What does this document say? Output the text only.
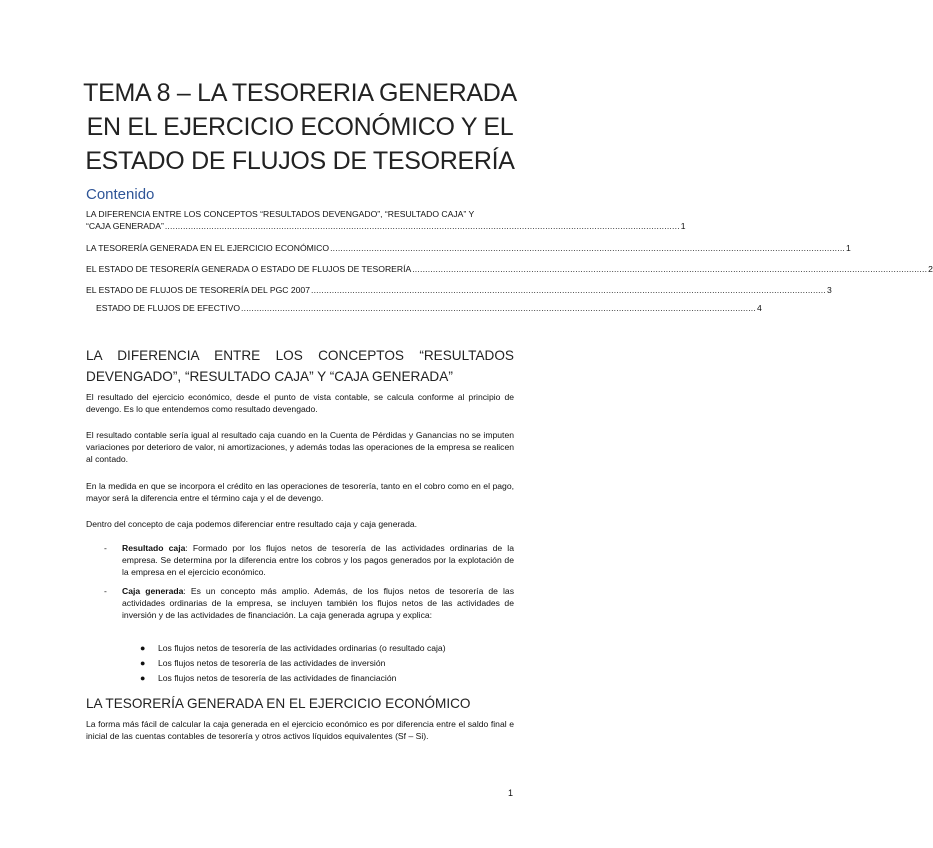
TEMA 8 – LA TESORERIA GENERADA
EN EL EJERCICIO ECONÓMICO Y EL
ESTADO DE FLUJOS DE TESORERÍA
Contenido
LA DIFERENCIA ENTRE LOS CONCEPTOS “RESULTADOS DEVENGADO”, “RESULTADO CAJA” Y
“CAJA GENERADA” ....................................................................................................................................................................................................... 1
LA TESORERÍA GENERADA EN EL EJERCICIO ECONÓMICO ....................................................................................................................................................................................................... 1
EL ESTADO DE TESORERÍA GENERADA O ESTADO DE FLUJOS DE TESORERÍA ....................................................................................................................................................................................................... 2
EL ESTADO DE FLUJOS DE TESORERÍA DEL PGC 2007 ....................................................................................................................................................................................................... 3
ESTADO DE FLUJOS DE EFECTIVO ....................................................................................................................................................................................................... 4
LA DIFERENCIA ENTRE LOS CONCEPTOS “RESULTADOS
DEVENGADO”, “RESULTADO CAJA” Y “CAJA GENERADA”
El resultado del ejercicio económico, desde el punto de vista contable, se calcula conforme al principio de devengo. Es lo que entendemos como resultado devengado.
El resultado contable sería igual al resultado caja cuando en la Cuenta de Pérdidas y Ganancias no se imputen variaciones por deterioro de valor, ni amortizaciones, y además todas las operaciones de la empresa se realicen al contado.
En la medida en que se incorpora el crédito en las operaciones de tesorería, tanto en el cobro como en el pago, mayor será la diferencia entre el término caja y el de devengo.
Dentro del concepto de caja podemos diferenciar entre resultado caja y caja generada.
- Resultado caja: Formado por los flujos netos de tesorería de las actividades ordinarias de la empresa. Se determina por la diferencia entre los cobros y los pagos generados por la explotación de la empresa en el ejercicio económico.
- Caja generada: Es un concepto más amplio. Además, de los flujos netos de tesorería de las actividades ordinarias de la empresa, se incluyen también los flujos netos de las actividades de inversión y de las actividades de financiación. La caja generada agrupa y explica:
● Los flujos netos de tesorería de las actividades ordinarias (o resultado caja)
● Los flujos netos de tesorería de las actividades de inversión
● Los flujos netos de tesorería de las actividades de financiación
LA TESORERÍA GENERADA EN EL EJERCICIO ECONÓMICO
La forma más fácil de calcular la caja generada en el ejercicio económico es por diferencia entre el saldo final e inicial de las cuentas contables de tesorería y otros activos líquidos equivalentes (Sf – Si).
1
